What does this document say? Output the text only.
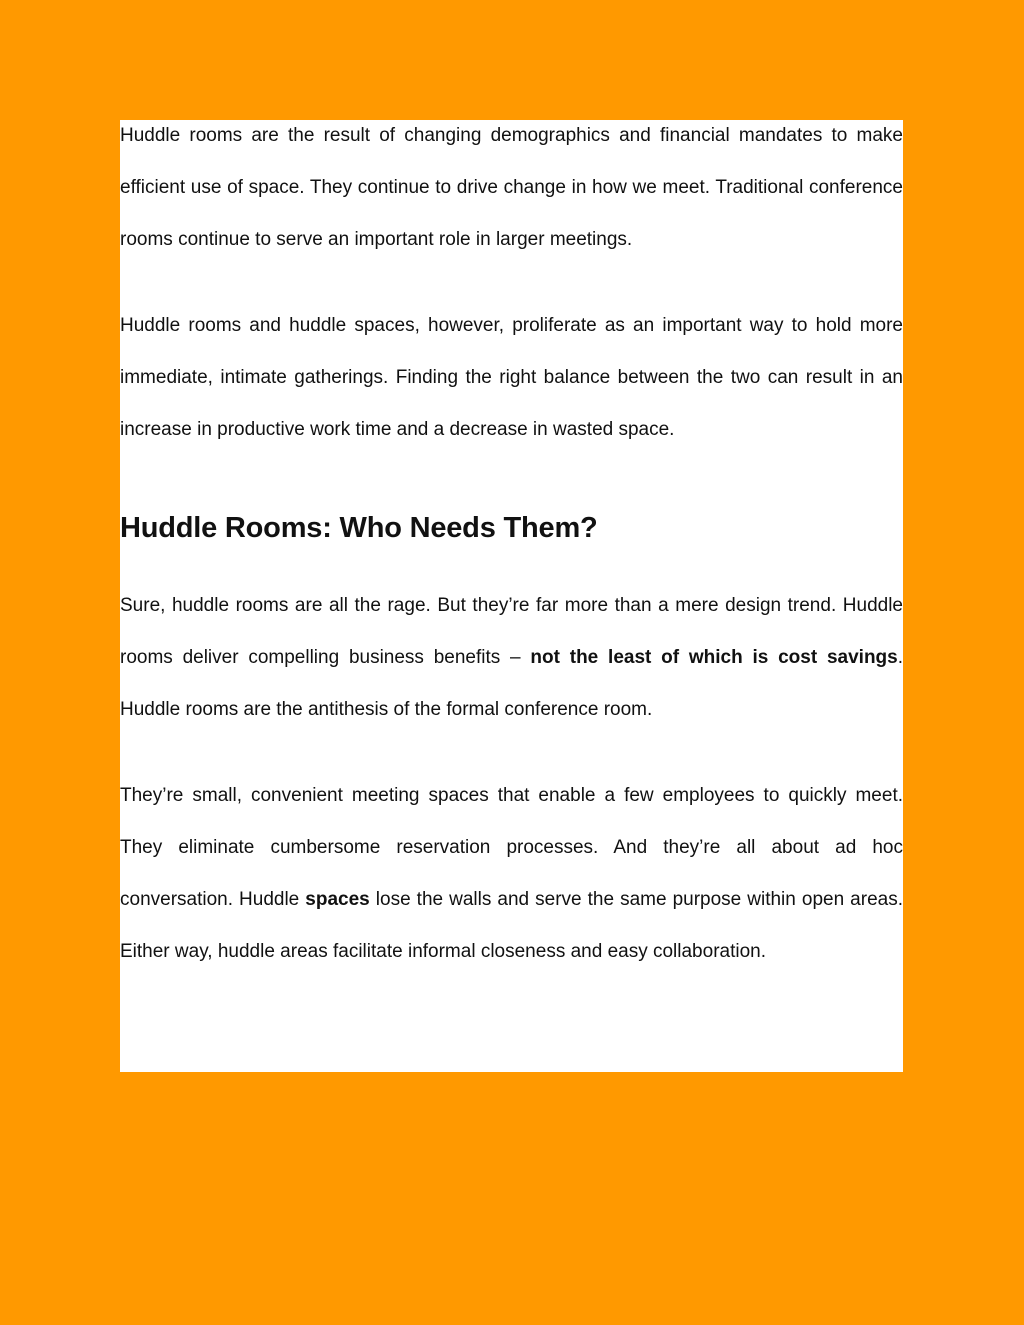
Huddle rooms are the result of changing demographics and financial mandates to make efficient use of space. They continue to drive change in how we meet. Traditional conference rooms continue to serve an important role in larger meetings.

Huddle rooms and huddle spaces, however, proliferate as an important way to hold more immediate, intimate gatherings. Finding the right balance between the two can result in an increase in productive work time and a decrease in wasted space.

Huddle Rooms: Who Needs Them?

Sure, huddle rooms are all the rage. But they’re far more than a mere design trend. Huddle rooms deliver compelling business benefits – not the least of which is cost savings. Huddle rooms are the antithesis of the formal conference room.

They’re small, convenient meeting spaces that enable a few employees to quickly meet. They eliminate cumbersome reservation processes. And they’re all about ad hoc conversation. Huddle spaces lose the walls and serve the same purpose within open areas. Either way, huddle areas facilitate informal closeness and easy collaboration.
